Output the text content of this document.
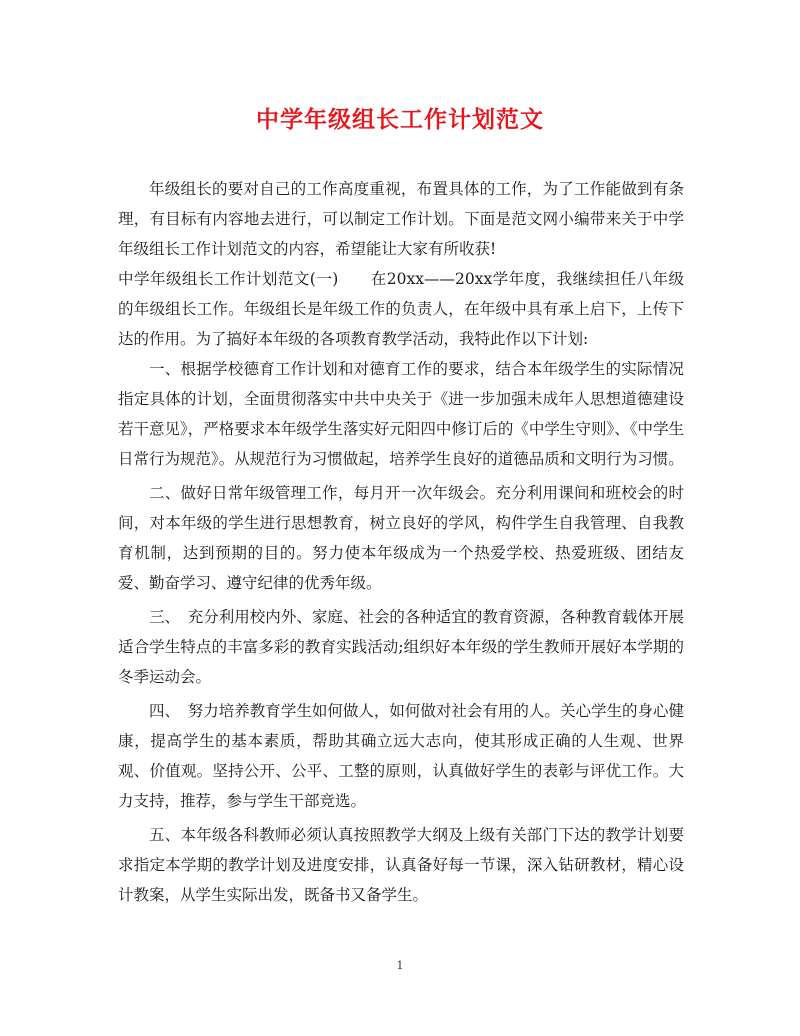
中学年级组长工作计划范文

年级组长的要对自己的工作高度重视，布置具体的工作，为了工作能做到有条理，有目标有内容地去进行，可以制定工作计划。下面是范文网小编带来关于中学年级组长工作计划范文的内容，希望能让大家有所收获!

中学年级组长工作计划范文(一)　　在20xx——20xx学年度，我继续担任八年级的年级组长工作。年级组长是年级工作的负责人，在年级中具有承上启下，上传下达的作用。为了搞好本年级的各项教育教学活动，我特此作以下计划:

一、根据学校德育工作计划和对德育工作的要求，结合本年级学生的实际情况指定具体的计划，全面贯彻落实中共中央关于《进一步加强未成年人思想道德建设若干意见》，严格要求本年级学生落实好元阳四中修订后的《中学生守则》、《中学生日常行为规范》。从规范行为习惯做起，培养学生良好的道德品质和文明行为习惯。

二、做好日常年级管理工作，每月开一次年级会。充分利用课间和班校会的时间，对本年级的学生进行思想教育，树立良好的学风，构件学生自我管理、自我教育机制，达到预期的目的。努力使本年级成为一个热爱学校、热爱班级、团结友爱、勤奋学习、遵守纪律的优秀年级。

三、　充分利用校内外、家庭、社会的各种适宜的教育资源，各种教育载体开展适合学生特点的丰富多彩的教育实践活动;组织好本年级的学生教师开展好本学期的冬季运动会。

四、　努力培养教育学生如何做人，如何做对社会有用的人。关心学生的身心健康，提高学生的基本素质，帮助其确立远大志向，使其形成正确的人生观、世界观、价值观。坚持公开、公平、工整的原则，认真做好学生的表彰与评优工作。大力支持，推荐，参与学生干部竞选。

五、本年级各科教师必须认真按照教学大纲及上级有关部门下达的教学计划要求指定本学期的教学计划及进度安排，认真备好每一节课，深入钻研教材，精心设计教案，从学生实际出发，既备书又备学生。

1
